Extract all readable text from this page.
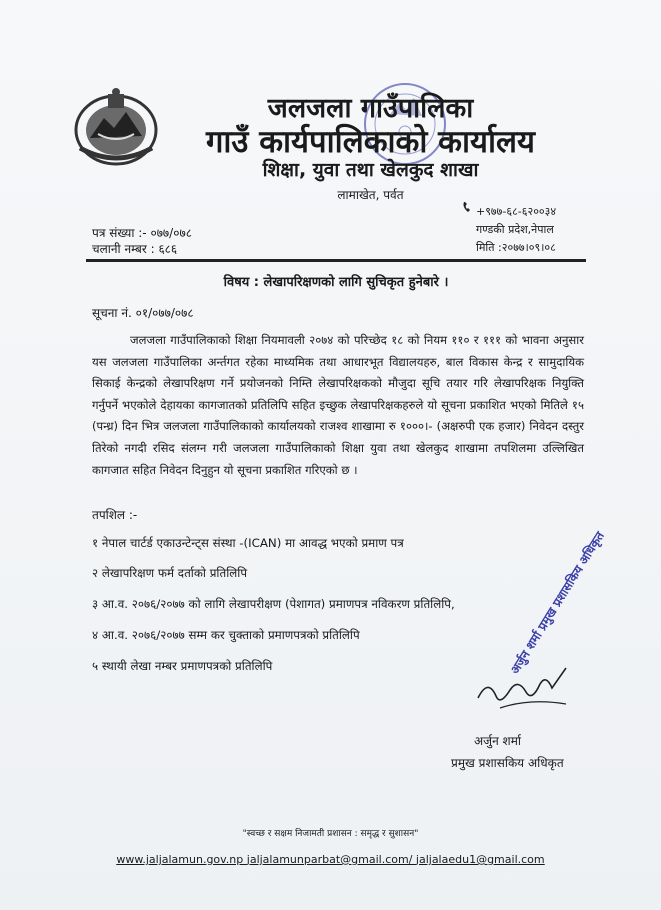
जलजला गाउँपालिका
गाउँ कार्यपालिकाको कार्यालय
शिक्षा, युवा तथा खेलकुद शाखा
लामाखेत, पर्वत
पत्र संख्या :- ०७७/०७८
चलानी नम्बर : ६८६
+९७७-६८-६२००३४
गण्डकी प्रदेश,नेपाल
मिति :२०७७।०९।०८
विषय : लेखापरिक्षणको लागि सुचिकृत हुनेबारे ।
सूचना नं. ०१/०७७/०७८
जलजला गाउँपालिकाको शिक्षा नियमावली २०७४ को परिच्छेद १८ को नियम ११० र १११ को भावना अनुसार यस जलजला गाउँपालिका अर्न्तगत रहेका माध्यमिक तथा आधारभूत विद्यालयहरु, बाल विकास केन्द्र र सामुदायिक सिकाई केन्द्रको लेखापरिक्षण गर्ने प्रयोजनको निम्ति लेखापरिक्षकको मौजुदा सूचि तयार गरि लेखापरिक्षक नियुक्ति गर्नुपर्ने भएकोले देहायका कागजातको प्रतिलिपि सहित इच्छुक लेखापरिक्षकहरुले यो सूचना प्रकाशित भएको मितिले १५ (पन्ध्र) दिन भित्र जलजला गाउँपालिकाको कार्यालयको राजश्व शाखामा रु १०००।- (अक्षरुपी एक हजार) निवेदन दस्तुर तिरेको नगदी रसिद संलग्न गरी जलजला गाउँपालिकाको शिक्षा युवा तथा खेलकुद शाखामा तपशिलमा उल्लिखित कागजात सहित निवेदन दिनुहुन यो सूचना प्रकाशित गरिएको छ ।
तपशिल :-
१ नेपाल चार्टर्ड एकाउन्टेन्ट्स संस्था -(ICAN) मा आवद्ध भएको प्रमाण पत्र
२ लेखापरिक्षण फर्म दर्ताको प्रतिलिपि
३ आ.व. २०७६/२०७७ को लागि लेखापरीक्षण (पेशागत) प्रमाणपत्र नविकरण प्रतिलिपि,
४ आ.व. २०७६/२०७७ सम्म कर चुक्ताको प्रमाणपत्रको प्रतिलिपि
५ स्थायी लेखा नम्बर प्रमाणपत्रको प्रतिलिपि	अर्जुन शर्मा प्रमुख प्रशासकिय अधिकृत
अर्जुन शर्मा
प्रमुख प्रशासकिय अधिकृत
"स्वच्छ र सक्षम निजामती प्रशासन : समृद्ध र सुशासन"
www.jaljalamun.gov.np jaljalamunparbat@gmail.com/ jaljalaedu1@gmail.com
